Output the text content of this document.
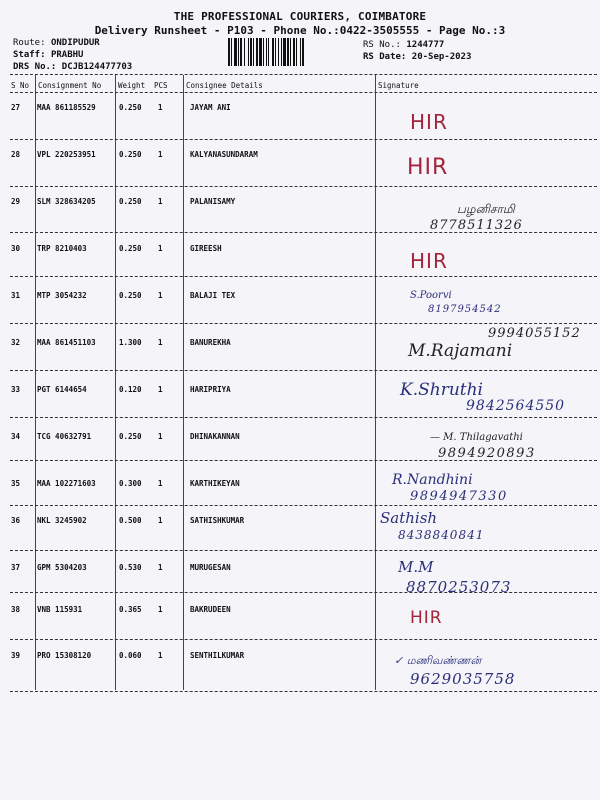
THE PROFESSIONAL COURIERS, COIMBATORE
Delivery Runsheet - P103 - Phone No.:0422-3505555 - Page No.:3
Route: ONDIPUDUR
Staff: PRABHU
DRS No.: DCJB124477703
RS No.: 1244777
RS Date: 20-Sep-2023
S No Consignment No Weight PCS Consignee Details	Signature
27 MAA 861185529	0.250 1	JAYAM ANI
HIR
28 VPL 220253951	0.250 1	KALYANASUNDARAM
HIR
29 SLM 328634205	0.250 1	PALANISAMY
பழனிசாமி
8778511326
30 TRP 8210403	0.250 1	GIREESH
HIR
31 MTP 3054232	0.250 1	BALAJI TEX	S.Poorvi
8197954542
32 MAA 861451103	1.300 1	BANUREKHA
9994055152
M.Rajamani
33 PGT 6144654	0.120 1	HARIPRIYA	K.Shruthi
9842564550
34 TCG 40632791	0.250 1	DHINAKANNAN	— M. Thilagavathi
9894920893
35 MAA 102271603	0.300 1	KARTHIKEYAN	R.Nandhini
9894947330
36 NKL 3245902	0.500 1	SATHISHKUMAR	Sathish
8438840841
37 GPM 5304203	0.530 1	MURUGESAN	M.M
8870253073
38 VNB 115931	0.365 1	BAKRUDEEN	HIR
39 PRO 15308120	0.060 1	SENTHILKUMAR	✓ மணிவண்ணன்
9629035758
